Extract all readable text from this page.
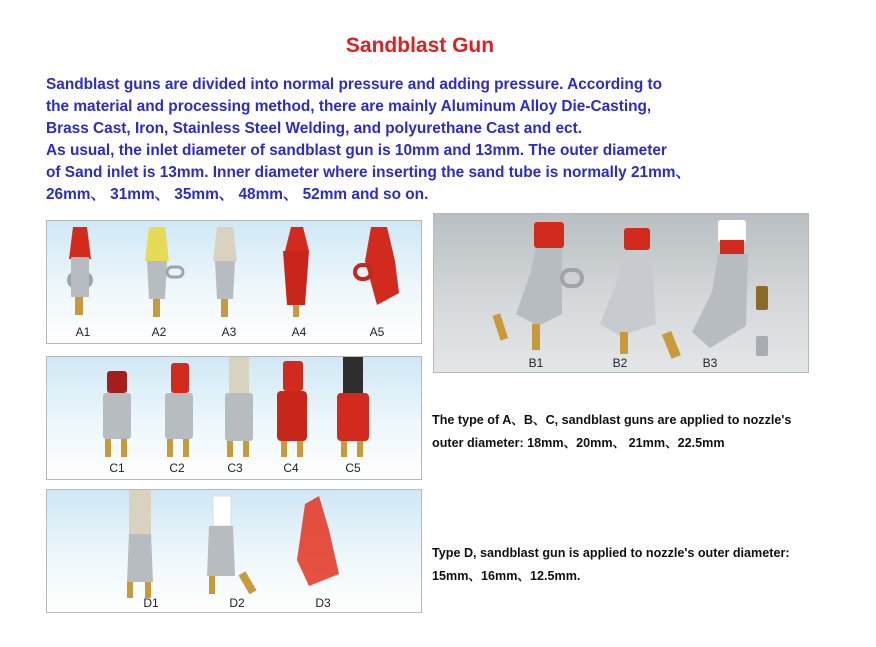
Sandblast Gun
Sandblast guns are divided into normal pressure and adding pressure. According to
the material and processing method, there are mainly Aluminum Alloy Die-Casting,
Brass Cast, Iron, Stainless Steel Welding, and polyurethane Cast and ect.
As usual, the inlet diameter of sandblast gun is 10mm and 13mm. The outer diameter
of Sand inlet is 13mm. Inner diameter where inserting the sand tube is normally 21mm、
26mm、 31mm、 35mm、 48mm、 52mm and so on.
A1	A2	A3	A4	A5
B1	B2	B3
C1	C2	C3	C4	C5
D1	D2	D3
The type of A、B、C, sandblast guns are applied to nozzle's
outer diameter: 18mm、20mm、 21mm、22.5mm
Type D, sandblast gun is applied to nozzle's outer diameter:
15mm、16mm、12.5mm.
